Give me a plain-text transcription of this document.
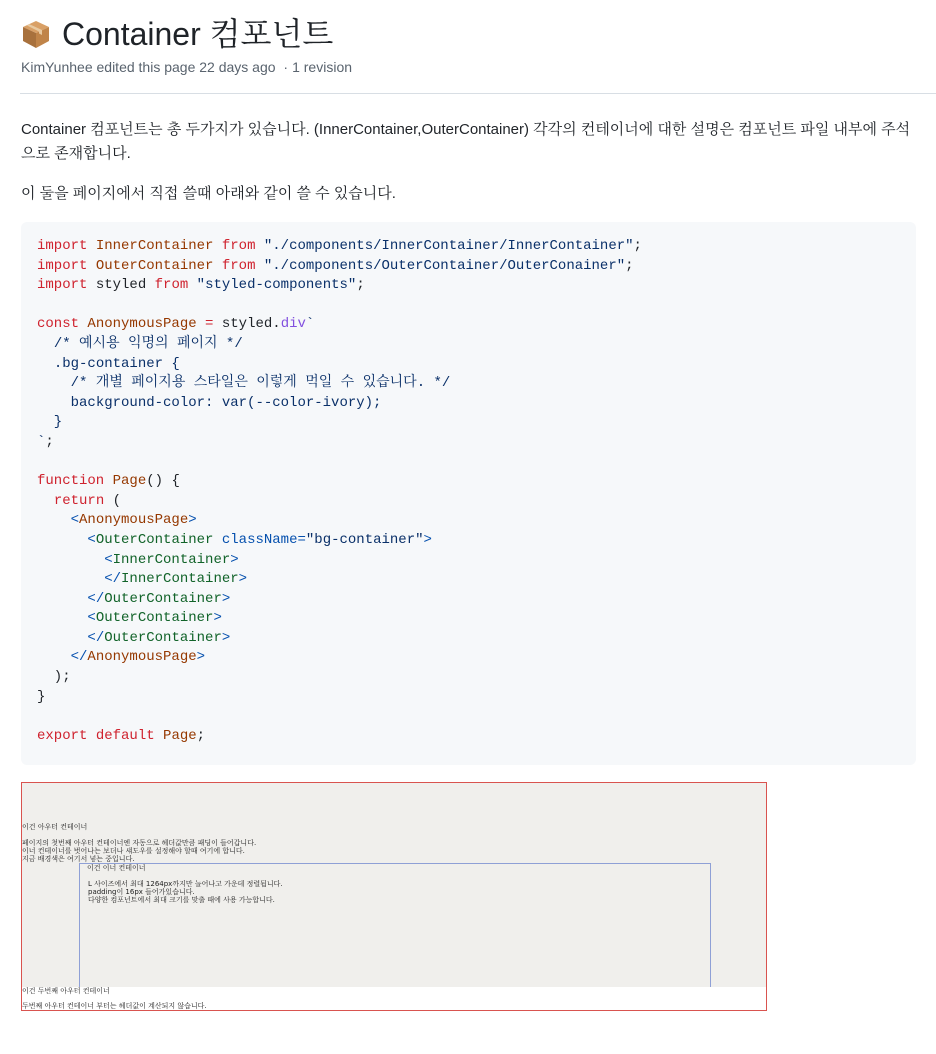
Container 컴포넌트
KimYunhee edited this page 22 days ago · 1 revision
Container 컴포넌트는 총 두가지가 있습니다. (InnerContainer,OuterContainer) 각각의 컨테이너에 대한 설명은 컴포넌트 파일 내부에 주석으로 존재합니다.
이 둘을 페이지에서 직접 쓸때 아래와 같이 쓸 수 있습니다.
import InnerContainer from "./components/InnerContainer/InnerContainer";
import OuterContainer from "./components/OuterContainer/OuterConainer";
import styled from "styled-components";

const AnonymousPage = styled.div`
/* 예시용 익명의 페이지 */
.bg-container {
/* 개별 페이지용 스타일은 이렇게 먹일 수 있습니다. */
background-color: var(--color-ivory);
}
`;

function Page() {
return (
<AnonymousPage>
<OuterContainer className="bg-container">
<InnerContainer>
</InnerContainer>
</OuterContainer>
<OuterContainer>
</OuterContainer>
</AnonymousPage>
);
}

export default Page;
이건 아우터 컨테이너
페이지의 첫번째 아우터 컨테이너엔 자동으로 헤더값만큼 패딩이 들어갑니다.
이너 컨테이너를 벗어나는 보더나 섀도우를 설정해야 할때 여기에 합니다.
지금 배경색은 여기서 넣는 중입니다.
이건 이너 컨테이너
L 사이즈에서 최대 1264px까지만 늘어나고 가운데 정렬됩니다.
padding이 16px 들어가있습니다.
다양한 컴포넌트에서 최대 크기를 맞출 때에 사용 가능합니다.
이건 두번째 아우터 컨테이너
두번째 아우터 컨테이너 부터는 헤더값이 계산되지 않습니다.
